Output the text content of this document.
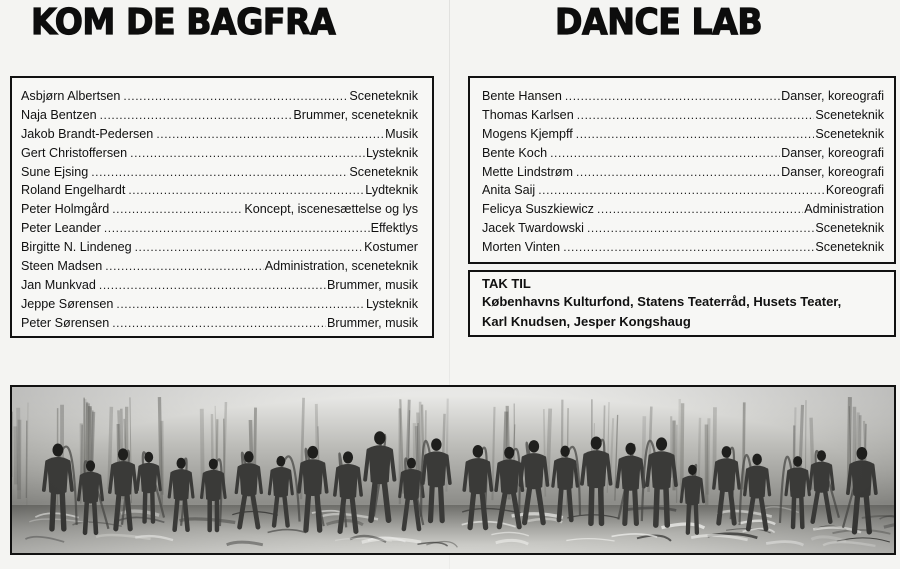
KOM DE BAGFRA	DANCE LAB
Asbjørn Albertsen .....	Sceneteknik
Naja Bentzen .....	Brummer, sceneteknik
Jakob Brandt-Pedersen .....	Musik
Gert Christoffersen .....	Lysteknik
Sune Ejsing .....	Sceneteknik
Roland Engelhardt .....	Lydteknik
Peter Holmgård .....	Koncept, iscenesættelse og lys
Peter Leander .....	Effektlys
Birgitte N. Lindeneg .....	Kostumer
Steen Madsen .....	Administration, sceneteknik
Jan Munkvad .....	Brummer, musik
Jeppe Sørensen .....	Lysteknik
Peter Sørensen .....	Brummer, musik
Bente Hansen .....	Danser, koreografi
Thomas Karlsen .....	Sceneteknik
Mogens Kjempff .....	Sceneteknik
Bente Koch .....	Danser, koreografi
Mette Lindstrøm .....	Danser, koreografi
Anita Saij .....	Koreografi
Felicya Suszkiewicz .....	Administration
Jacek Twardowski .....	Sceneteknik
Morten Vinten .....	Sceneteknik
TAK TIL
Københavns Kulturfond, Statens Teaterråd, Husets Teater,
Karl Knudsen, Jesper Kongshaug
